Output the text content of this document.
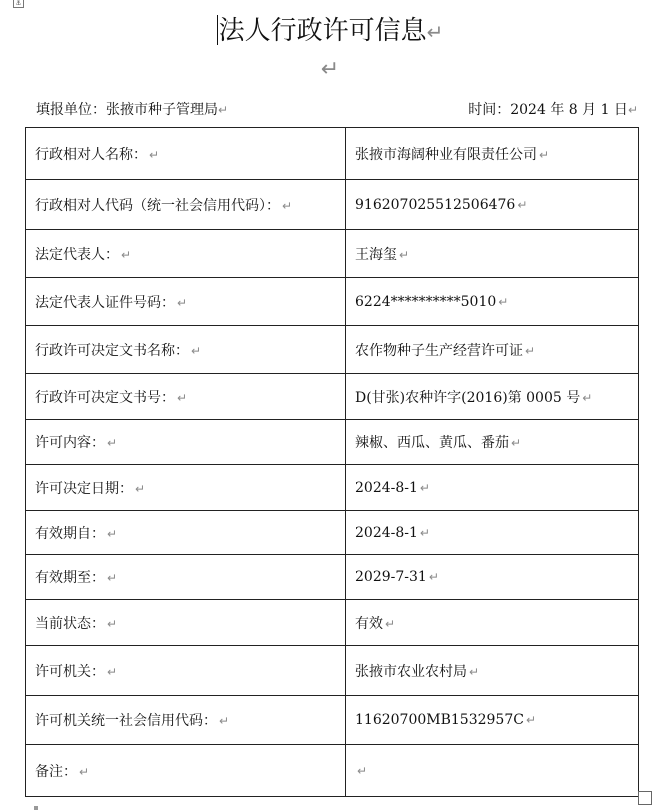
⚓
法人行政许可信息↵
↵
填报单位：张掖市种子管理局↵	时间：2024 年 8 月 1 日↵
行政相对人名称： ↵	张掖市海阔种业有限责任公司 ↵
行政相对人代码（统一社会信用代码）： ↵	916207025512506476 ↵
法定代表人： ↵	王海玺 ↵
法定代表人证件号码： ↵	6224**********5010 ↵
行政许可决定文书名称： ↵	农作物种子生产经营许可证 ↵
行政许可决定文书号： ↵	D(甘张)农种许字(2016)第 0005 号 ↵
许可内容： ↵	辣椒、西瓜、黄瓜、番茄 ↵
许可决定日期： ↵	2024-8-1 ↵
有效期自： ↵	2024-8-1 ↵
有效期至： ↵	2029-7-31 ↵
当前状态： ↵	有效 ↵
许可机关： ↵	张掖市农业农村局 ↵
许可机关统一社会信用代码： ↵	11620700MB1532957C ↵
备注： ↵	↵
